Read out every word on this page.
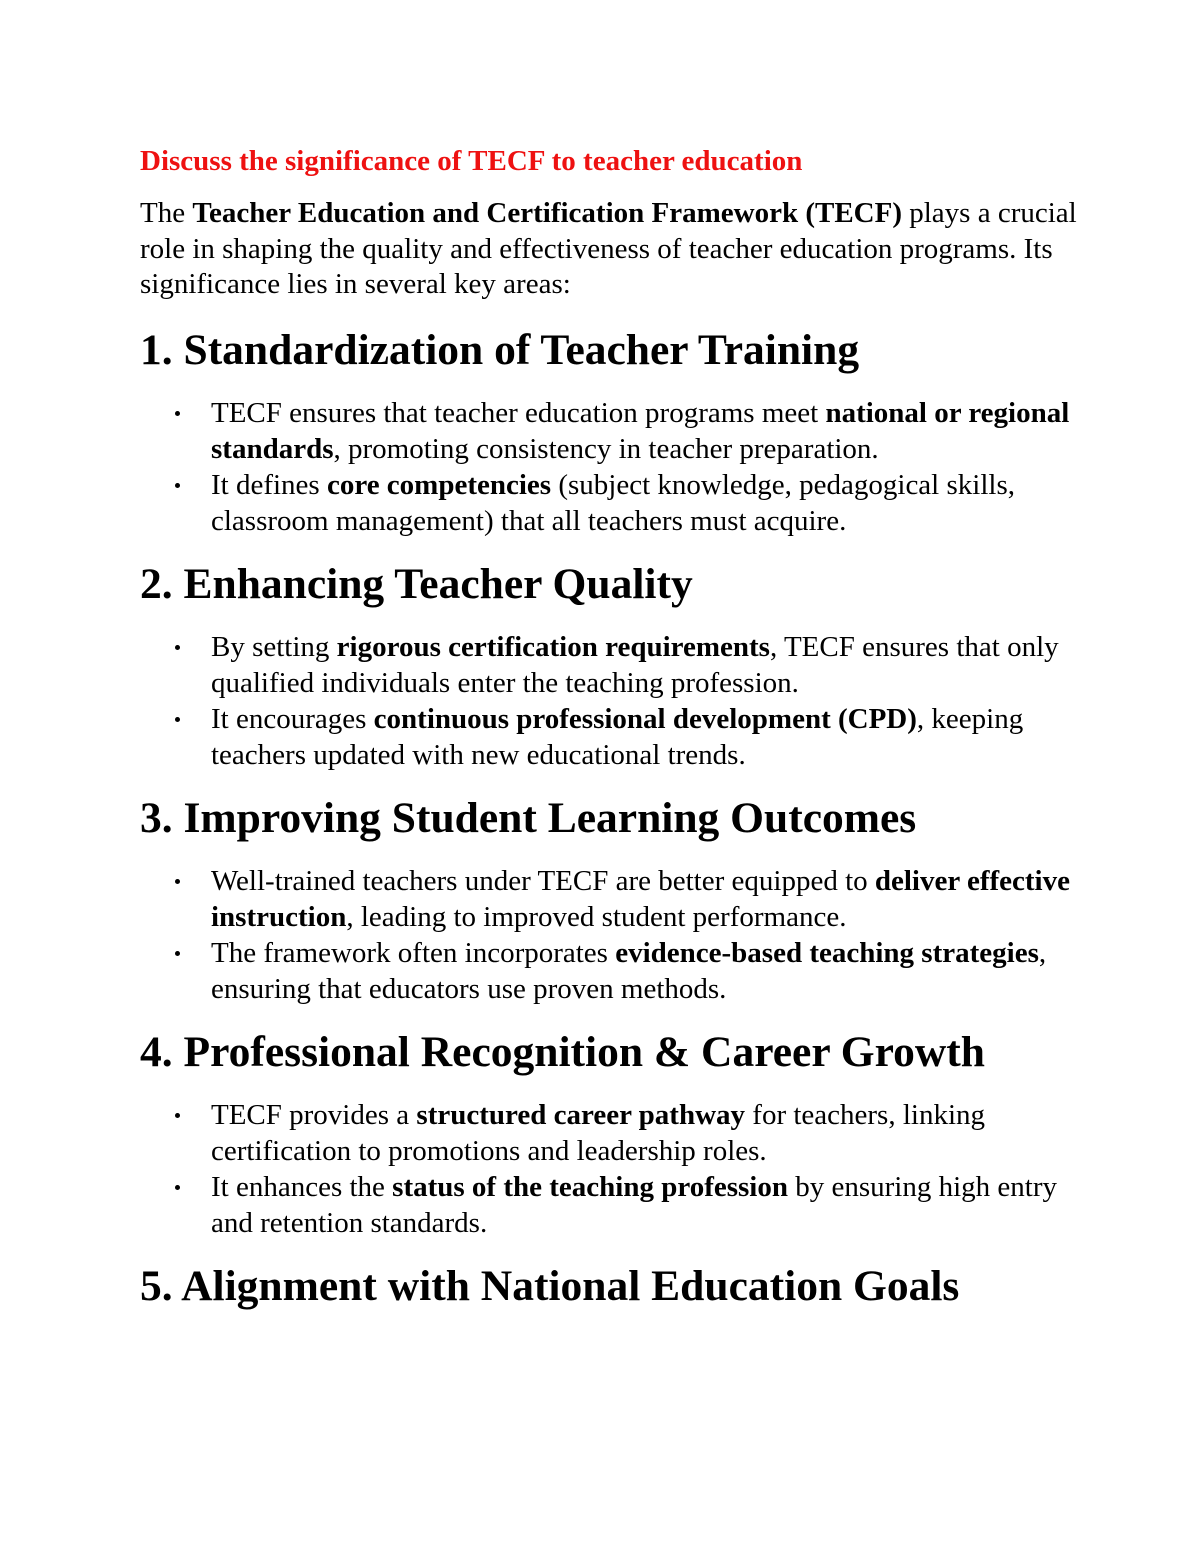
Discuss the significance of TECF to teacher education

The Teacher Education and Certification Framework (TECF) plays a crucial role in shaping the quality and effectiveness of teacher education programs. Its significance lies in several key areas:

1. Standardization of Teacher Training
TECF ensures that teacher education programs meet national or regional standards, promoting consistency in teacher preparation.
It defines core competencies (subject knowledge, pedagogical skills, classroom management) that all teachers must acquire.
2. Enhancing Teacher Quality
By setting rigorous certification requirements, TECF ensures that only qualified individuals enter the teaching profession.
It encourages continuous professional development (CPD), keeping teachers updated with new educational trends.
3. Improving Student Learning Outcomes
Well-trained teachers under TECF are better equipped to deliver effective instruction, leading to improved student performance.
The framework often incorporates evidence-based teaching strategies, ensuring that educators use proven methods.
4. Professional Recognition & Career Growth
TECF provides a structured career pathway for teachers, linking certification to promotions and leadership roles.
It enhances the status of the teaching profession by ensuring high entry and retention standards.
5. Alignment with National Education Goals
